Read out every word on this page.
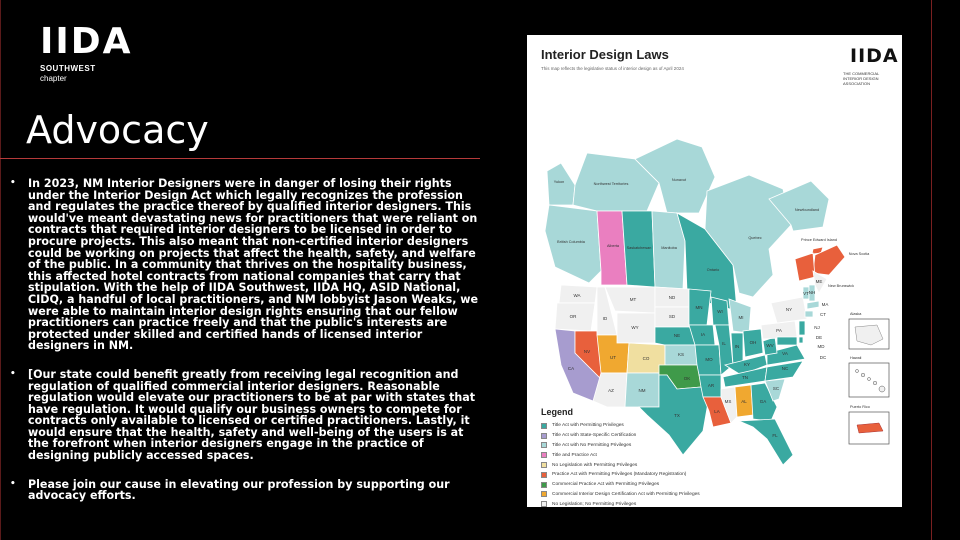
IIDA
SOUTHWEST
chapter
Advocacy
• In 2023, NM Interior Designers were in danger of losing their rights under the Interior Design Act which legally recognizes the profession and regulates the practice thereof by qualified interior designers. This would've meant devastating news for practitioners that were reliant on contracts that required interior designers to be licensed in order to procure projects. This also meant that non-certified interior designers could be working on projects that affect the health, safety, and welfare of the public. In a community that thrives on the hospitality business, this affected hotel contracts from national companies that carry that stipulation. With the help of IIDA Southwest, IIDA HQ, ASID National, CIDQ, a handful of local practitioners, and NM lobbyist Jason Weaks, we were able to maintain interior design rights ensuring that our fellow practitioners can practice freely and that the public's interests are protected under skilled and certified hands of licensed interior designers in NM.
• [Our state could benefit greatly from receiving legal recognition and regulation of qualified commercial interior designers. Reasonable regulation would elevate our practitioners to be at par with states that have regulation. It would qualify our business owners to compete for contracts only available to licensed or certified practitioners. Lastly, it would ensure that the health, safety and well-being of the users is at the forefront when interior designers engage in the practice of designing publicly accessed spaces.
• Please join our cause in elevating our profession by supporting our advocacy efforts.
WA
OR
CA
NV
ID
MT
WY
UT	CO
AZ	NM
ND
SD
NE
KS
OK
TX
MN
IA
MO
AR
LA
WI
IL
MI
IN
OH
KY
TN
MS AL	GA
FL
SC
NC
VA
WV
PA
NY
VT NH
ME
MA
CT
NJ
DE
MD
DC
Yukon	Northwest Territories
Nunavut
British Columbia
Alberta Saskatchewan	Manitoba
Ontario
Quebec
Newfoundland
Prince Edward Island
Nova Scotia
New Brunswick
Alaska
Hawaii
Puerto Rico
Interior Design Laws
This map reflects the legislative status of interior design as of April 2024
IIDA
THE COMMERCIAL INTERIOR DESIGN ASSOCIATION
Legend
Title Act with Permitting Privileges
Title Act with State-Specific Certification
Title Act with No Permitting Privileges
Title and Practice Act
No Legislation with Permitting Privileges
Practice Act with Permitting Privileges (Mandatory Registration)
Commercial Practice Act with Permitting Privileges
Commercial Interior Design Certification Act with Permitting Privileges
No Legislation; No Permitting Privileges
